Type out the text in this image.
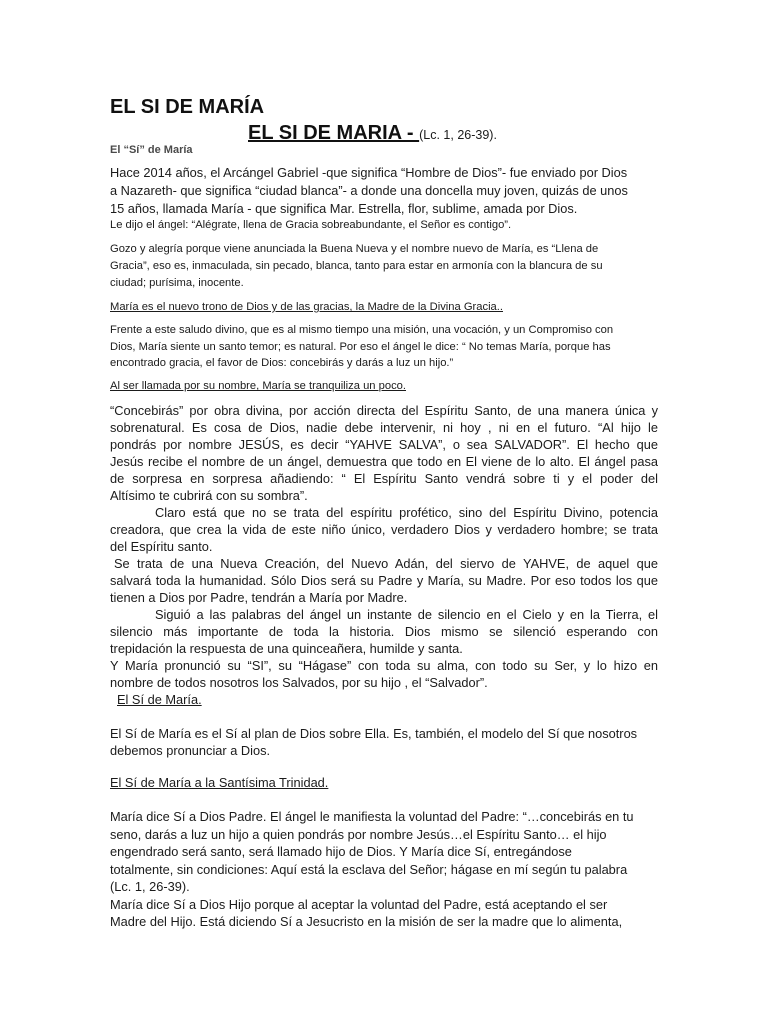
EL SI DE MARÍA
EL SI DE MARIA - (Lc. 1, 26-39).
El “Sí” de María
Hace 2014 años, el Arcángel Gabriel -que significa “Hombre de Dios”- fue enviado por Dios
a Nazareth- que significa “ciudad blanca”- a donde una doncella muy joven, quizás de unos
15 años, llamada María - que significa Mar. Estrella, flor, sublime, amada por Dios.
Le dijo el ángel: “Alégrate, llena de Gracia sobreabundante, el Señor es contigo”.
Gozo y alegría porque viene anunciada la Buena Nueva y el nombre nuevo de María, es “Llena de
Gracia”, eso es, inmaculada, sin pecado, blanca, tanto para estar en armonía con la blancura de su
ciudad; purísima, inocente.
María es el nuevo trono de Dios y de las gracias, la Madre de la Divina Gracia..
Frente a este saludo divino, que es al mismo tiempo una misión, una vocación, y un Compromiso con
Dios, María siente un santo temor; es natural. Por eso el ángel le dice: “ No temas María, porque has
encontrado gracia, el favor de Dios: concebirás y darás a luz un hijo.”
Al ser llamada por su nombre, María se tranquiliza un poco.
“Concebirás” por obra divina, por acción directa del Espíritu Santo, de una manera única y
sobrenatural. Es cosa de Dios, nadie debe intervenir, ni hoy , ni en el futuro. “Al hijo le
pondrás por nombre JESÚS, es decir “YAHVE SALVA”, o sea SALVADOR”. El hecho que
Jesús recibe el nombre de un ángel, demuestra que todo en El viene de lo alto. El ángel pasa
de sorpresa en sorpresa añadiendo: “ El Espíritu Santo vendrá sobre ti y el poder del
Altísimo te cubrirá con su sombra”.
Claro está que no se trata del espíritu profético, sino del Espíritu Divino, potencia
creadora, que crea la vida de este niño único, verdadero Dios y verdadero hombre; se trata
del Espíritu santo.
Se trata de una Nueva Creación, del Nuevo Adán, del siervo de YAHVE, de aquel que
salvará toda la humanidad. Sólo Dios será su Padre y María, su Madre. Por eso todos los que
tienen a Dios por Padre, tendrán a María por Madre.
Siguió a las palabras del ángel un instante de silencio en el Cielo y en la Tierra, el
silencio más importante de toda la historia. Dios mismo se silenció esperando con
trepidación la respuesta de una quinceañera, humilde y santa.
Y María pronunció su “SI”, su “Hágase” con toda su alma, con todo su Ser, y lo hizo en
nombre de todos nosotros los Salvados, por su hijo , el “Salvador”.
El Sí de María.
El Sí de María es el Sí al plan de Dios sobre Ella. Es, también, el modelo del Sí que nosotros
debemos pronunciar a Dios.
El Sí de María a la Santísima Trinidad.
María dice Sí a Dios Padre. El ángel le manifiesta la voluntad del Padre: “…concebirás en tu
seno, darás a luz un hijo a quien pondrás por nombre Jesús…el Espíritu Santo… el hijo
engendrado será santo, será llamado hijo de Dios. Y María dice Sí, entregándose
totalmente, sin condiciones: Aquí está la esclava del Señor; hágase en mí según tu palabra
(Lc. 1, 26-39).
María dice Sí a Dios Hijo porque al aceptar la voluntad del Padre, está aceptando el ser
Madre del Hijo. Está diciendo Sí a Jesucristo en la misión de ser la madre que lo alimenta,
